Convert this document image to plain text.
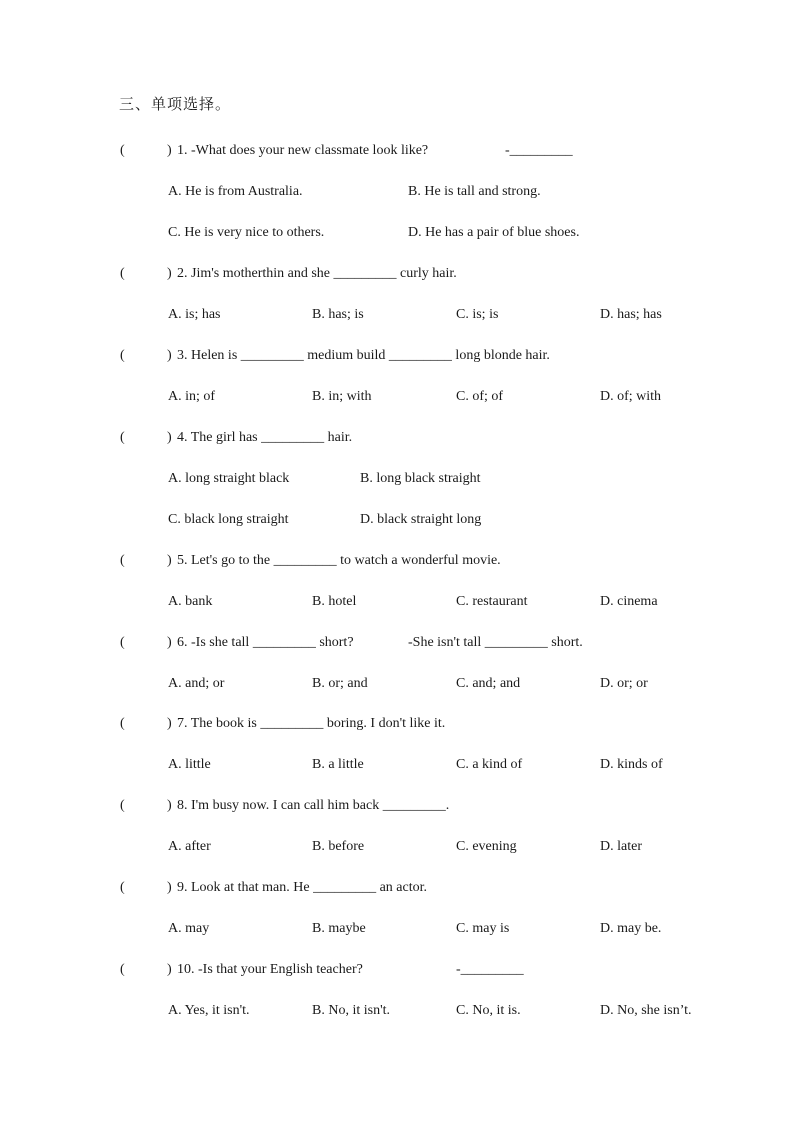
三、单项选择。
(	) 1. -What does your new classmate look like?	-_________
A. He is from Australia.	B. He is tall and strong.
C. He is very nice to others.	D. He has a pair of blue shoes.
(	) 2. Jim's motherthin and she _________ curly hair.
A. is; has	B. has; is	C. is; is	D. has; has
(	) 3. Helen is _________ medium build _________ long blonde hair.
A. in; of	B. in; with	C. of; of	D. of; with
(	) 4. The girl has _________ hair.
A. long straight black	B. long black straight
C. black long straight	D. black straight long
(	) 5. Let's go to the _________ to watch a wonderful movie.
A. bank	B. hotel	C. restaurant	D. cinema
(	) 6. -Is she tall _________ short?	-She isn't tall _________ short.
A. and; or	B. or; and	C. and; and	D. or; or
(	) 7. The book is _________ boring. I don't like it.
A. little	B. a little	C. a kind of	D. kinds of
(	) 8. I'm busy now. I can call him back _________.
A. after	B. before	C. evening	D. later
(	) 9. Look at that man. He _________ an actor.
A. may	B. maybe	C. may is	D. may be.
(	) 10. -Is that your English teacher?	-_________
A. Yes, it isn't.	B. No, it isn't.	C. No, it is.	D. No, she isn’t.
